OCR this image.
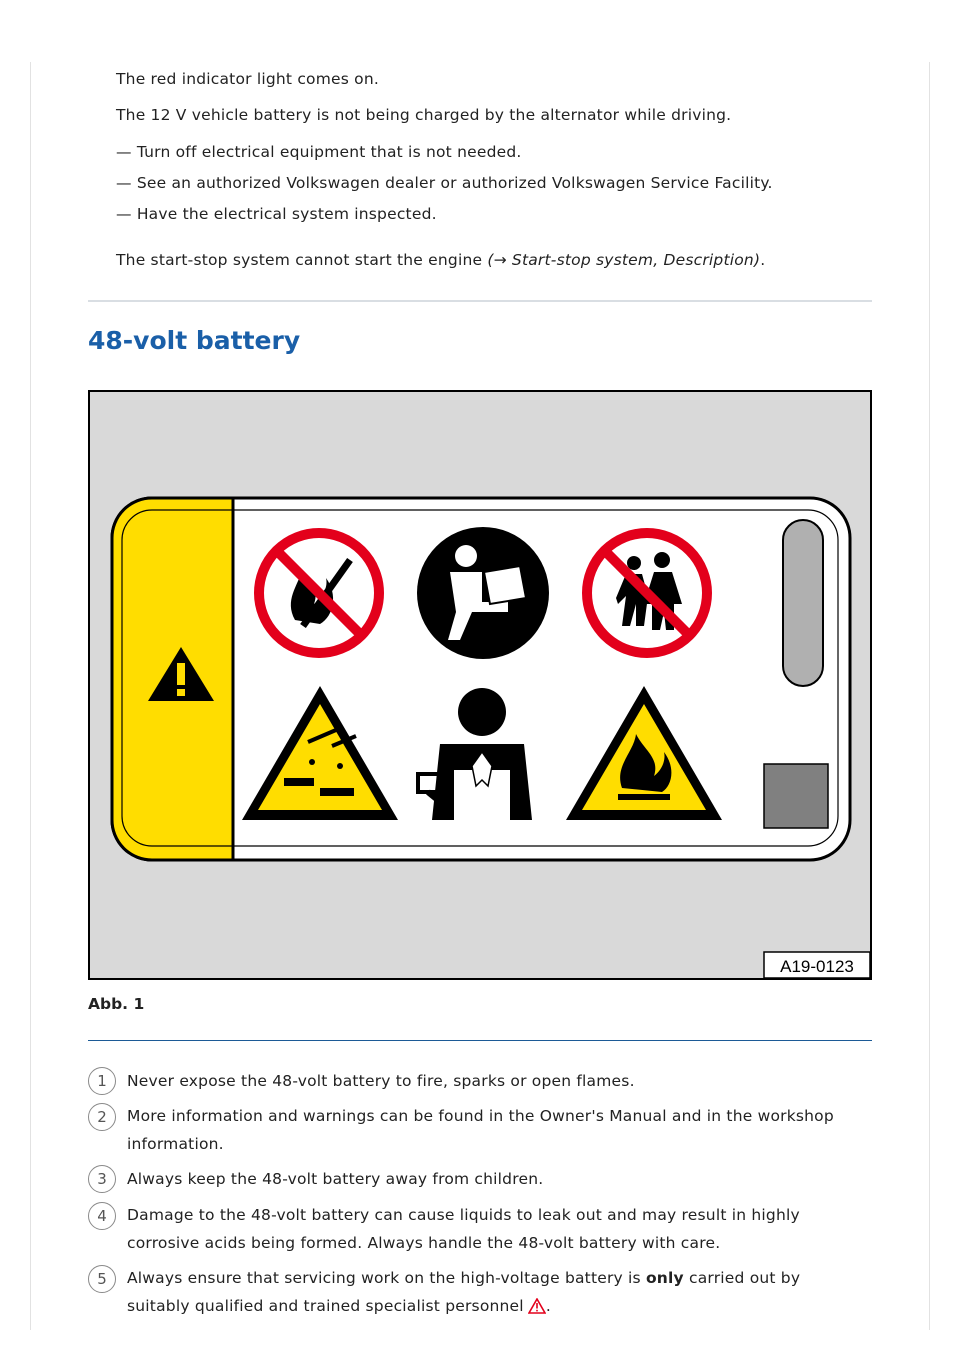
The red indicator light comes on.
The 12 V vehicle battery is not being charged by the alternator while driving.
— Turn off electrical equipment that is not needed.
— See an authorized Volkswagen dealer or authorized Volkswagen Service Facility.
— Have the electrical system inspected.
The start-stop system cannot start the engine (→ Start-stop system, Description).
48-volt battery
A19-0123
Abb. 1
1	Never expose the 48-volt battery to fire, sparks or open flames.
2	More information and warnings can be found in the Owner's Manual and in the workshop information.
3	Always keep the 48-volt battery away from children.
4	Damage to the 48-volt battery can cause liquids to leak out and may result in highly corrosive acids being formed. Always handle the 48-volt battery with care.
5	Always ensure that servicing work on the high-voltage battery is only carried out by suitably qualified and trained specialist personnel .
